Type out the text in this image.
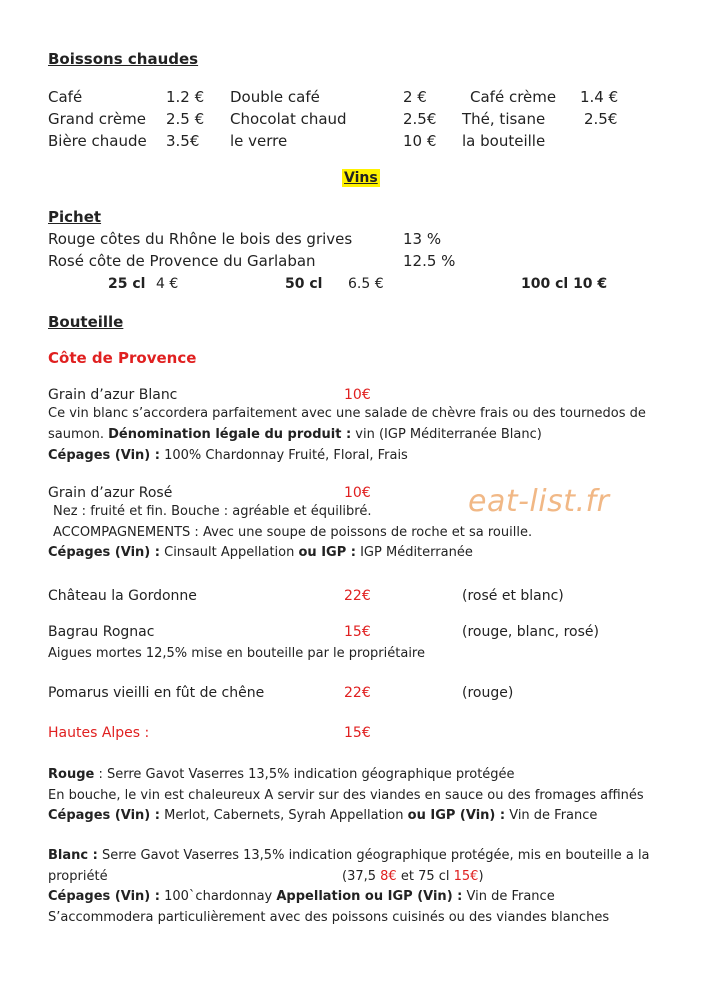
Boissons chaudes
Café	1.2 € Double café	2 €	Café crème 1.4 €
Grand crème 2.5 € Chocolat chaud	2.5€ Thé, tisane	2.5€
Bière chaude 3.5€ le verre	10 € la bouteille
Vins
Pichet
Rouge côtes du Rhône le bois des grives	13 %
Rosé côte de Provence du Garlaban	12.5 %
25 cl 4 €	50 cl 6.5 €	100 cl 10 €
Bouteille
Côte de Provence
Grain d’azur Blanc	10€
Ce vin blanc s’accordera parfaitement avec une salade de chèvre frais ou des tournedos de
saumon. Dénomination légale du produit : vin (IGP Méditerranée Blanc)
Cépages (Vin) : 100% Chardonnay Fruité, Floral, Frais
Grain d’azur Rosé	10€
Nez : fruité et fin. Bouche : agréable et équilibré.
ACCOMPAGNEMENTS : Avec une soupe de poissons de roche et sa rouille.
Cépages (Vin) : Cinsault Appellation ou IGP : IGP Méditerranée
eat-list.fr
Château la Gordonne	22€	(rosé et blanc)
Bagrau Rognac	15€	(rouge, blanc, rosé)
Aigues mortes 12,5% mise en bouteille par le propriétaire
Pomarus vieilli en fût de chêne	22€	(rouge)
Hautes Alpes :	15€
Rouge : Serre Gavot Vaserres 13,5% indication géographique protégée
En bouche, le vin est chaleureux A servir sur des viandes en sauce ou des fromages affinés
Cépages (Vin) : Merlot, Cabernets, Syrah Appellation ou IGP (Vin) : Vin de France
Blanc : Serre Gavot Vaserres 13,5% indication géographique protégée, mis en bouteille a la
propriété	(37,5 8€ et 75 cl 15€)
Cépages (Vin) : 100`chardonnay Appellation ou IGP (Vin) : Vin de France
S’accommodera particulièrement avec des poissons cuisinés ou des viandes blanches
